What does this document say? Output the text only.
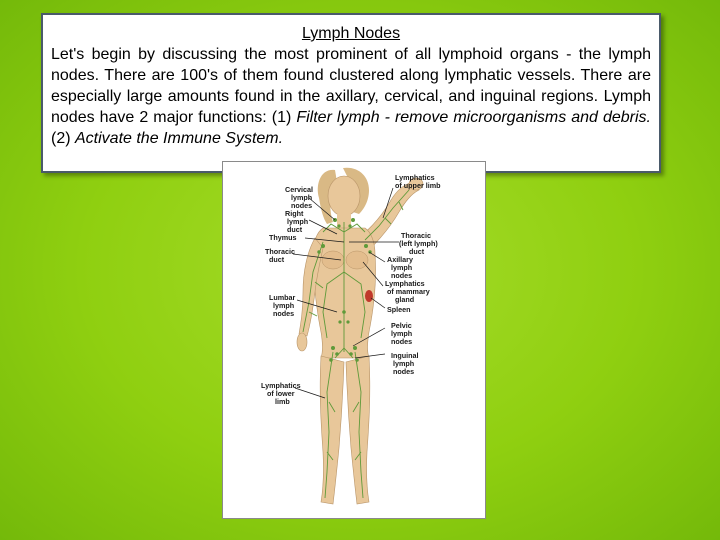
Lymph Nodes

Let's begin by discussing the most prominent of all lymphoid organs - the lymph nodes. There are 100's of them found clustered along lymphatic vessels. There are especially large amounts found in the axillary, cervical, and inguinal regions. Lymph nodes have 2 major functions: (1) Filter lymph - remove microorganisms and debris. (2) Activate the Immune System.

Cervical lymph nodes
Right lymph duct
Thymus
Thoracic duct
Lumbar lymph nodes
Lymphatics of lower limb
Lymphatics of upper limb
Thoracic (left lymph) duct
Axillary lymph nodes
Lymphatics of mammary gland
Spleen
Pelvic lymph nodes
Inguinal lymph nodes
